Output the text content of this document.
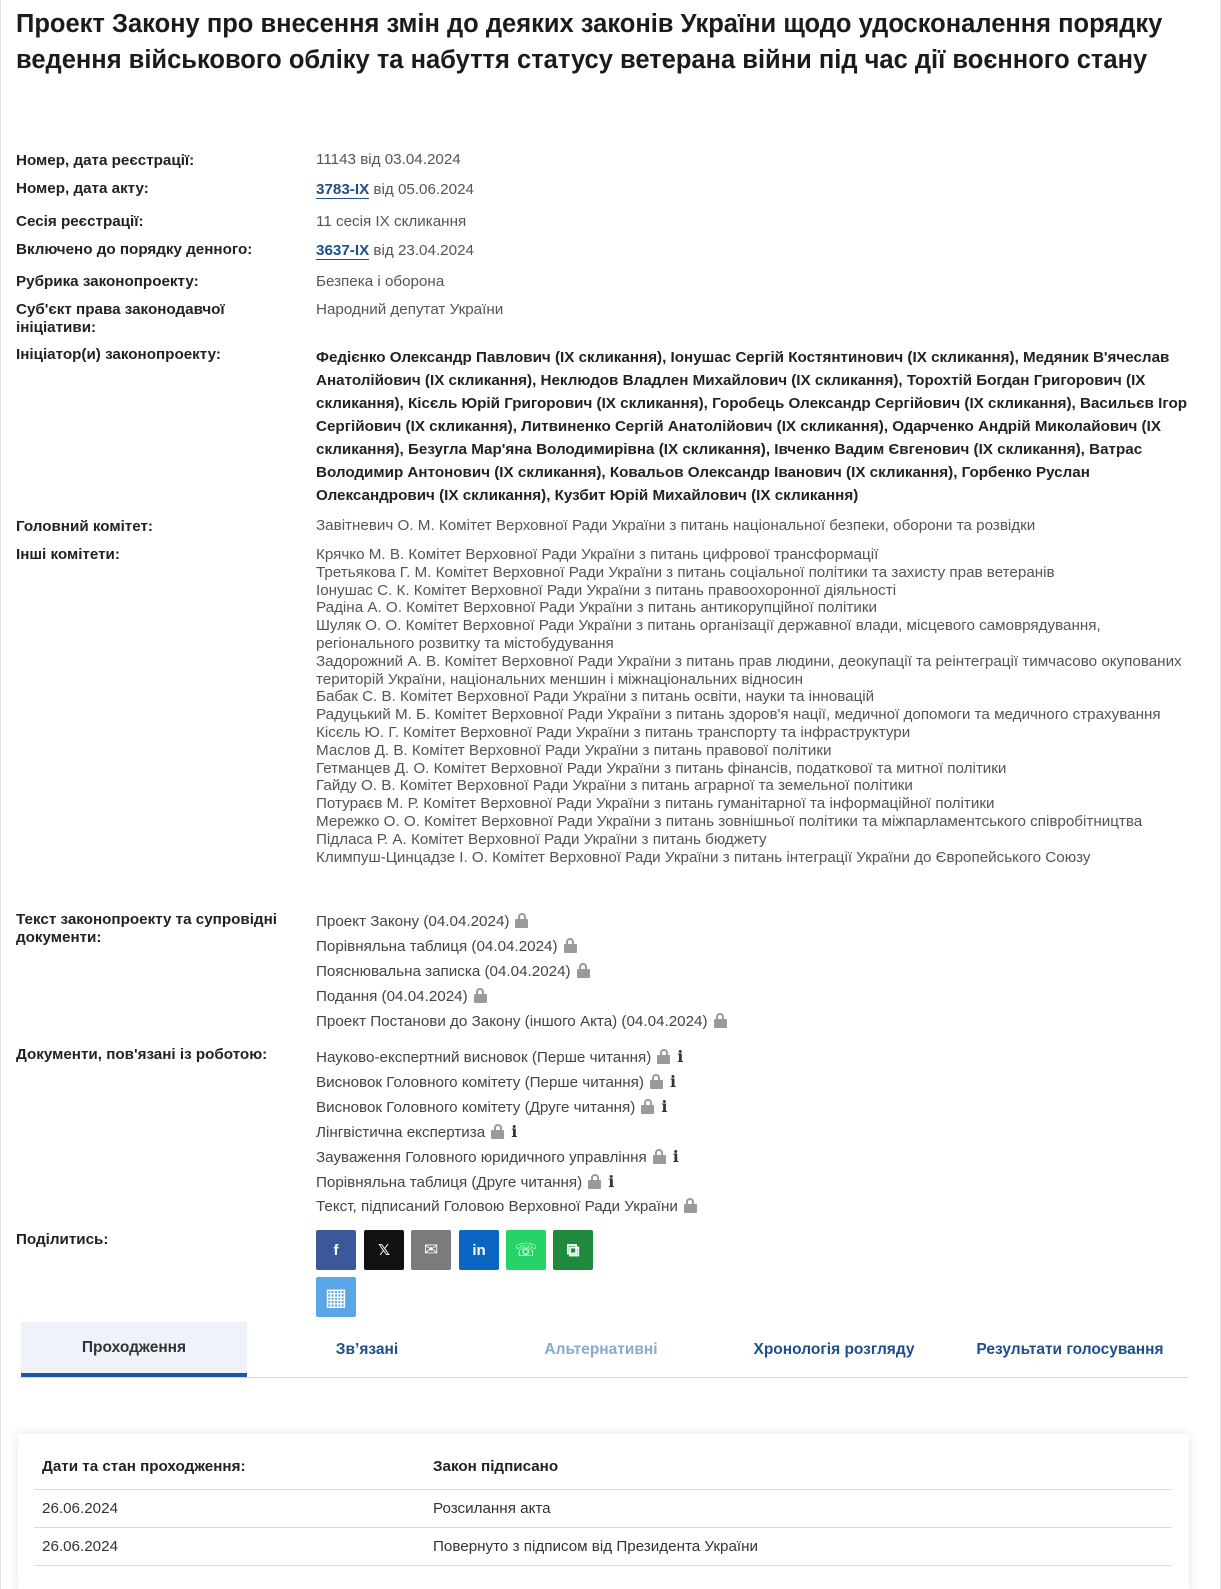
Проект Закону про внесення змін до деяких законів України щодо удосконалення порядку ведення військового обліку та набуття статусу ветерана війни під час дії воєнного стану
Номер, дата реєстрації:	11143 від 03.04.2024
Номер, дата акту:	3783-IX від 05.06.2024
Сесія реєстрації:	11 сесія IX скликання
Включено до порядку денного:	3637-IX від 23.04.2024
Рубрика законопроекту:	Безпека і оборона
Суб'єкт права законодавчої ініціативи:
Народний депутат України
Ініціатор(и) законопроекту:	Федієнко Олександр Павлович (IX скликання), Іонушас Сергій Костянтинович (IX скликання), Медяник В'ячеслав Анатолійович (IX скликання), Неклюдов Владлен Михайлович (IX скликання), Торохтій Богдан Григорович (IX скликання), Кісєль Юрій Григорович (IX скликання), Горобець Олександр Сергійович (IX скликання), Васильєв Ігор Сергійович (IX скликання), Литвиненко Сергій Анатолійович (IX скликання), Одарченко Андрій Миколайович (IX скликання), Безугла Мар'яна Володимирівна (IX скликання), Івченко Вадим Євгенович (IX скликання), Ватрас Володимир Антонович (IX скликання), Ковальов Олександр Іванович (IX скликання), Горбенко Руслан Олександрович (IX скликання), Кузбит Юрій Михайлович (IX скликання)
Головний комітет:	Завітневич О. М. Комітет Верховної Ради України з питань національної безпеки, оборони та розвідки
Інші комітети:	Крячко М. В. Комітет Верховної Ради України з питань цифрової трансформації
Третьякова Г. М. Комітет Верховної Ради України з питань соціальної політики та захисту прав ветеранів
Іонушас С. К. Комітет Верховної Ради України з питань правоохоронної діяльності
Радіна А. О. Комітет Верховної Ради України з питань антикорупційної політики
Шуляк О. О. Комітет Верховної Ради України з питань організації державної влади, місцевого самоврядування, регіонального розвитку та містобудування
Задорожний А. В. Комітет Верховної Ради України з питань прав людини, деокупації та реінтеграції тимчасово окупованих територій України, національних меншин і міжнаціональних відносин
Бабак С. В. Комітет Верховної Ради України з питань освіти, науки та інновацій
Радуцький М. Б. Комітет Верховної Ради України з питань здоров'я нації, медичної допомоги та медичного страхування
Кісєль Ю. Г. Комітет Верховної Ради України з питань транспорту та інфраструктури
Маслов Д. В. Комітет Верховної Ради України з питань правової політики
Гетманцев Д. О. Комітет Верховної Ради України з питань фінансів, податкової та митної політики
Гайду О. В. Комітет Верховної Ради України з питань аграрної та земельної політики
Потураєв М. Р. Комітет Верховної Ради України з питань гуманітарної та інформаційної політики
Мережко О. О. Комітет Верховної Ради України з питань зовнішньої політики та міжпарламентського співробітництва
Підласа Р. А. Комітет Верховної Ради України з питань бюджету
Климпуш-Цинцадзе І. О. Комітет Верховної Ради України з питань інтеграції України до Європейського Союзу
Текст законопроекту та супровідні документи:
Проект Закону (04.04.2024)
Порівняльна таблиця (04.04.2024)
Пояснювальна записка (04.04.2024)
Подання (04.04.2024)
Проект Постанови до Закону (іншого Акта) (04.04.2024)
Документи, пов'язані із роботою:	Науково-експертний висновок (Перше читання) i
Висновок Головного комітету (Перше читання) i
Висновок Головного комітету (Друге читання) i
Лінгвістична експертиза i
Зауваження Головного юридичного управління i
Порівняльна таблиця (Друге читання) i
Текст, підписаний Головою Верховної Ради України
Поділитись:
f	𝕏	✉	in	☏	⧉
▦
Проходження	Зв’язані	Альтернативні	Хронологія розгляду	Результати голосування
Дати та стан проходження:	Закон підписано
26.06.2024	Розсилання акта
26.06.2024	Повернуто з підписом від Президента України
